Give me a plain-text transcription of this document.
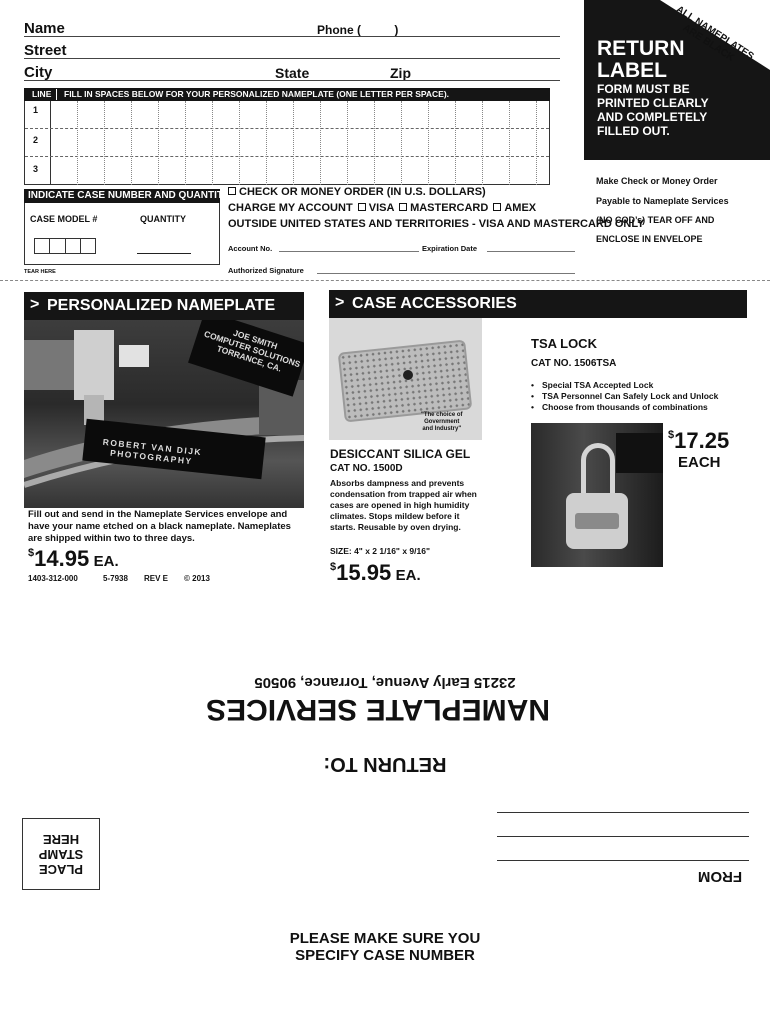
Name	Phone (          )
Street
City	State	Zip
RETURN
LABEL
FORM MUST BE
PRINTED CLEARLY
AND COMPLETELY
FILLED OUT.
ALL NAMEPLATES
ARE BLACK
LINE FILL IN SPACES BELOW FOR YOUR PERSONALIZED NAMEPLATE (ONE LETTER PER SPACE).
1
2
3
Make Check or Money Order
Payable to Nameplate Services
(NO COD’s) TEAR OFF AND
ENCLOSE IN ENVELOPE
INDICATE CASE NUMBER AND QUANTITY
CASE MODEL #	QUANTITY
CHECK OR MONEY ORDER (IN U.S. DOLLARS)
CHARGE MY ACCOUNT VISA MASTERCARD AMEX
OUTSIDE UNITED STATES AND TERRITORIES - VISA AND MASTERCARD ONLY
Account No.	Expiration Date
Authorized Signature
TEAR HERE
> PERSONALIZED NAMEPLATE
JOE SMITH
COMPUTER SOLUTIONS
TORRANCE, CA.
ROBERT VAN DIJK
PHOTOGRAPHY
Fill out and send in the Nameplate Services envelope and have your name etched on a black nameplate. Nameplates are shipped within two to three days.
$14.95 EA.
1403-312-000	5-7938 REV E © 2013
> CASE ACCESSORIES
"The choice of
Government
and Industry"
DESICCANT SILICA GEL
CAT NO. 1500D
Absorbs dampness and prevents condensation from trapped air when cases are opened in high humidity climates. Stops mildew before it starts. Reusable by oven drying.
SIZE: 4" x 2 1/16" x 9/16"
$15.95 EA.
TSA LOCK
CAT NO. 1506TSA
• Special TSA Accepted Lock
• TSA Personnel Can Safely Lock and Unlock
• Choose from thousands of combinations
$17.25
EACH
23215 Early Avenue, Torrance, 90505
NAMEPLATE SERVICES
RETURN TO:
FROM
PLACE
STAMP
HERE
PLEASE MAKE SURE YOU
SPECIFY CASE NUMBER
